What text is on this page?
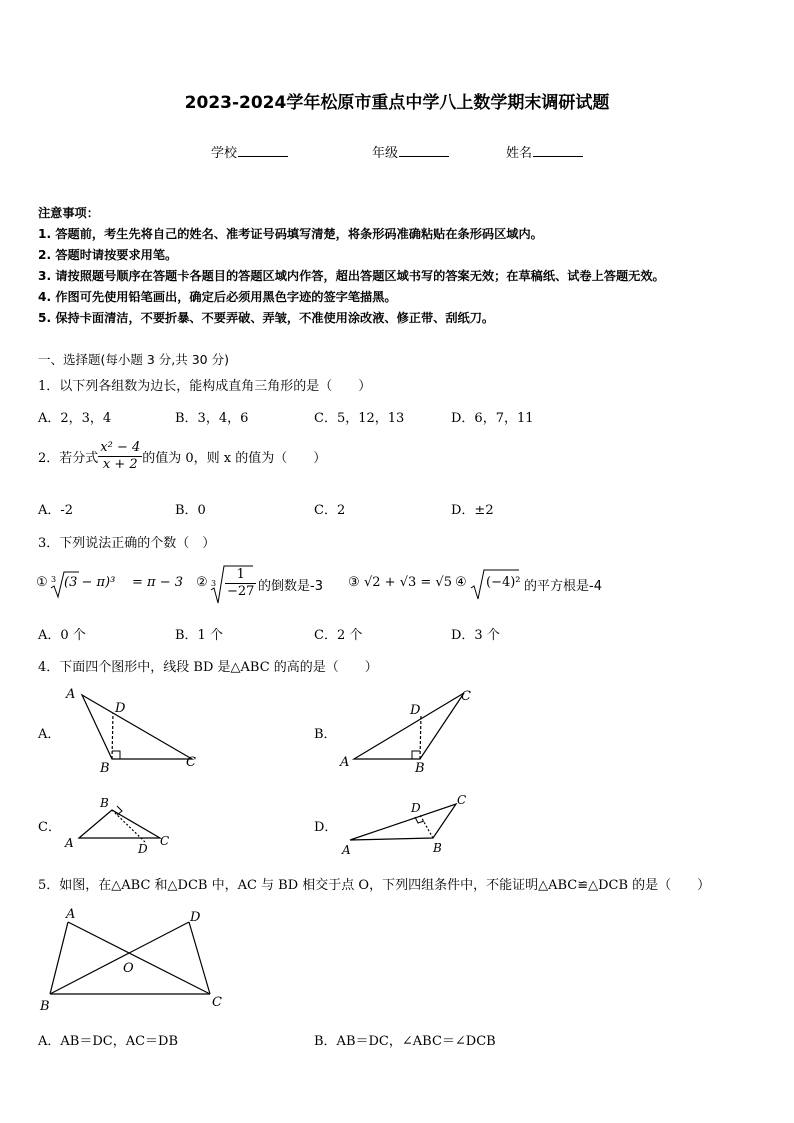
2023-2024学年松原市重点中学八上数学期末调研试题
学校	年级	姓名
注意事项：
1. 答题前，考生先将自己的姓名、准考证号码填写清楚，将条形码准确粘贴在条形码区域内。
2. 答题时请按要求用笔。
3. 请按照题号顺序在答题卡各题目的答题区域内作答，超出答题区域书写的答案无效；在草稿纸、试卷上答题无效。
4. 作图可先使用铅笔画出，确定后必须用黑色字迹的签字笔描黑。
5. 保持卡面清洁，不要折暴、不要弄破、弄皱，不准使用涂改液、修正带、刮纸刀。
一、选择题(每小题 3 分,共 30 分)
1．以下列各组数为边长，能构成直角三角形的是（　　）
A．2，3，4	B．3，4，6	C．5，12，13	D．6，7，11
2．若分式 $\frac{\text{x² − 4}}{x + 2}$ 的值为 0，则 x 的值为（　　）
A．-2	B．0	C．2	D．±2
3．下列说法正确的个数（　）
① 3 (3 − π)³ = π − 3 ② $3 \frac{1}{-27}$ 的倒数是-3 ③ √2 + √3 = √5 ④ (−4)² 的平方根是-4
A．0 个	B．1 个	C．2 个	D．3 个
4．下面四个图形中，线段 BD 是△ABC 的高的是（　　）
A．
A
D
B	C
B．
A
D
B
C
C．
A
B
C
D
D．
A
D
B
C
5．如图，在△ABC 和△DCB 中，AC 与 BD 相交于点 O，下列四组条件中，不能证明△ABC≌△DCB 的是（　　）
A	D
O
B	C
A．AB＝DC，AC＝DB	B．AB＝DC，∠ABC＝∠DCB
